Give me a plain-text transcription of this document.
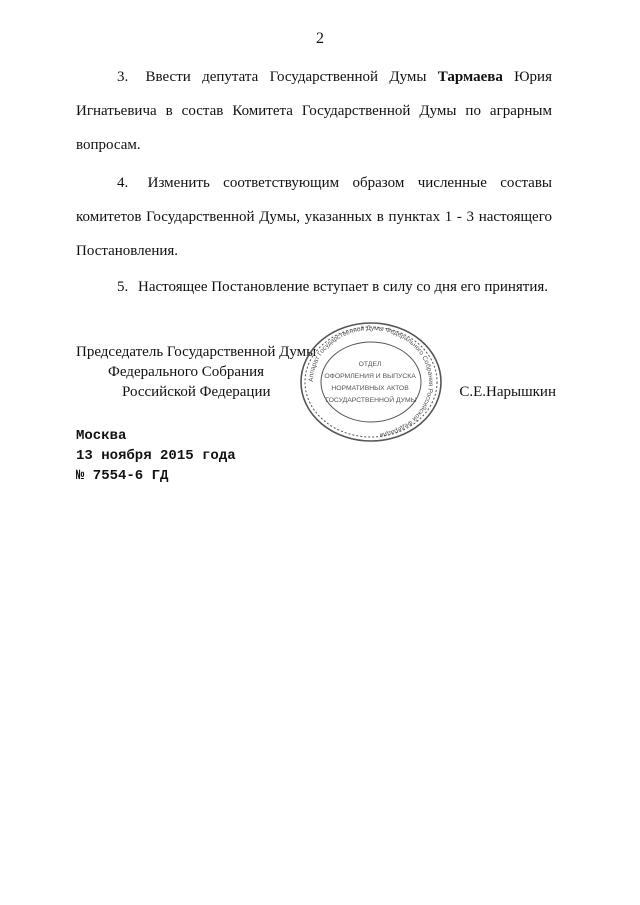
2
3. Ввести депутата Государственной Думы Тармаева Юрия Игнатьевича в состав Комитета Государственной Думы по аграрным вопросам.
4. Изменить соответствующим образом численные составы комитетов Государственной Думы, указанных в пунктах 1 - 3 настоящего Постановления.
5. Настоящее Постановление вступает в силу со дня его принятия.
Председатель Государственной Думы
Федерального Собрания
Российской Федерации	С.Е.Нарышкин
Аппарат Государственной Думы Федерального Собрания Российской Федерации
ОТДЕЛ ОФОРМЛЕНИЯ И ВЫПУСКА НОРМАТИВНЫХ АКТОВ ГОСУДАРСТВЕННОЙ ДУМЫ
Москва
13 ноября 2015 года
№ 7554-6 ГД
